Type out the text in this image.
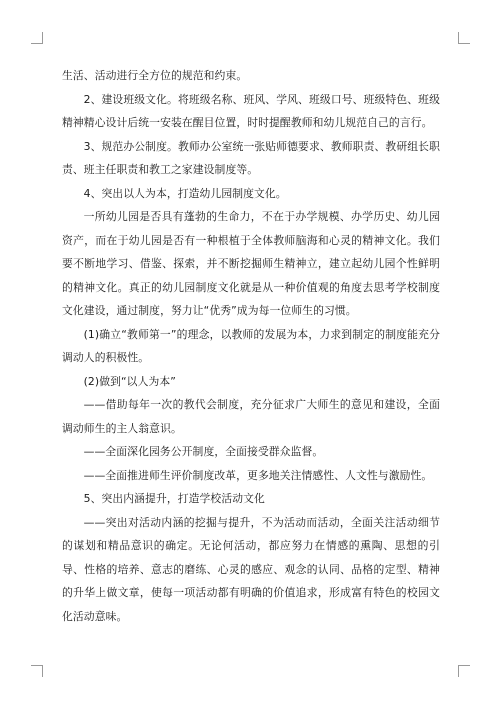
生活、活动进行全方位的规范和约束。

2、建设班级文化。将班级名称、班风、学风、班级口号、班级特色、班级精神精心设计后统一安装在醒目位置，时时提醒教师和幼儿规范自己的言行。

3、规范办公制度。教师办公室统一张贴师德要求、教师职责、教研组长职责、班主任职责和教工之家建设制度等。

4、突出以人为本，打造幼儿园制度文化。

一所幼儿园是否具有蓬勃的生命力，不在于办学规模、办学历史、幼儿园资产，而在于幼儿园是否有一种根植于全体教师脑海和心灵的精神文化。我们要不断地学习、借鉴、探索，并不断挖掘师生精神立，建立起幼儿园个性鲜明的精神文化。真正的幼儿园制度文化就是从一种价值观的角度去思考学校制度文化建设，通过制度，努力让“优秀”成为每一位师生的习惯。

(1)确立“教师第一”的理念，以教师的发展为本，力求到制定的制度能充分调动人的积极性。

(2)做到“以人为本”

——借助每年一次的教代会制度，充分征求广大师生的意见和建设，全面调动师生的主人翁意识。

——全面深化园务公开制度，全面接受群众监督。

——全面推进师生评价制度改革，更多地关注情感性、人文性与激励性。

5、突出内涵提升，打造学校活动文化

——突出对活动内涵的挖掘与提升，不为活动而活动，全面关注活动细节的谋划和精品意识的确定。无论何活动，都应努力在情感的熏陶、思想的引导、性格的培养、意志的磨练、心灵的感应、观念的认同、品格的定型、精神的升华上做文章，使每一项活动都有明确的价值追求，形成富有特色的校园文化活动意味。
